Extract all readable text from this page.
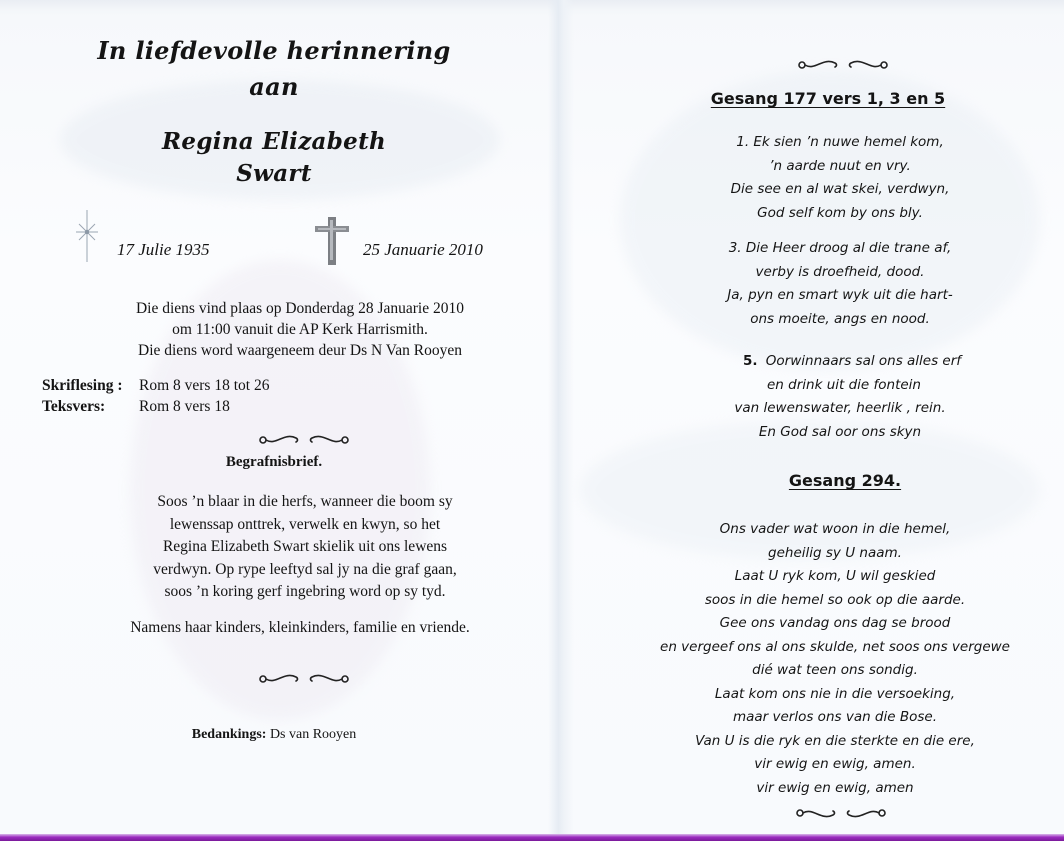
In liefdevolle herinnering
aan
Regina Elizabeth
Swart
17 Julie 1935	25 Januarie 2010
Die diens vind plaas op Donderdag 28 Januarie 2010
om 11:00 vanuit die AP Kerk Harrismith.
Die diens word waargeneem deur Ds N Van Rooyen
Skriflesing :	Rom 8 vers 18 tot 26
Teksvers:	Rom 8 vers 18
Begrafnisbrief.
Soos ’n blaar in die herfs, wanneer die boom sy
lewenssap onttrek, verwelk en kwyn, so het
Regina Elizabeth Swart skielik uit ons lewens
verdwyn. Op rype leeftyd sal jy na die graf gaan,
soos ’n koring gerf ingebring word op sy tyd.
Namens haar kinders, kleinkinders, familie en vriende.
Bedankings: Ds van Rooyen
Gesang 177 vers 1, 3 en 5
1. Ek sien ’n nuwe hemel kom,
’n aarde nuut en vry.
Die see en al wat skei, verdwyn,
God self kom by ons bly.
3. Die Heer droog al die trane af,
verby is droefheid, dood.
Ja, pyn en smart wyk uit die hart-
ons moeite, angs en nood.
5. Oorwinnaars sal ons alles erf
en drink uit die fontein
van lewenswater, heerlik , rein.
En God sal oor ons skyn
Gesang 294.
Ons vader wat woon in die hemel,
geheilig sy U naam.
Laat U ryk kom, U wil geskied
soos in die hemel so ook op die aarde.
Gee ons vandag ons dag se brood
en vergeef ons al ons skulde, net soos ons vergewe
dié wat teen ons sondig.
Laat kom ons nie in die versoeking,
maar verlos ons van die Bose.
Van U is die ryk en die sterkte en die ere,
vir ewig en ewig, amen.
vir ewig en ewig, amen
